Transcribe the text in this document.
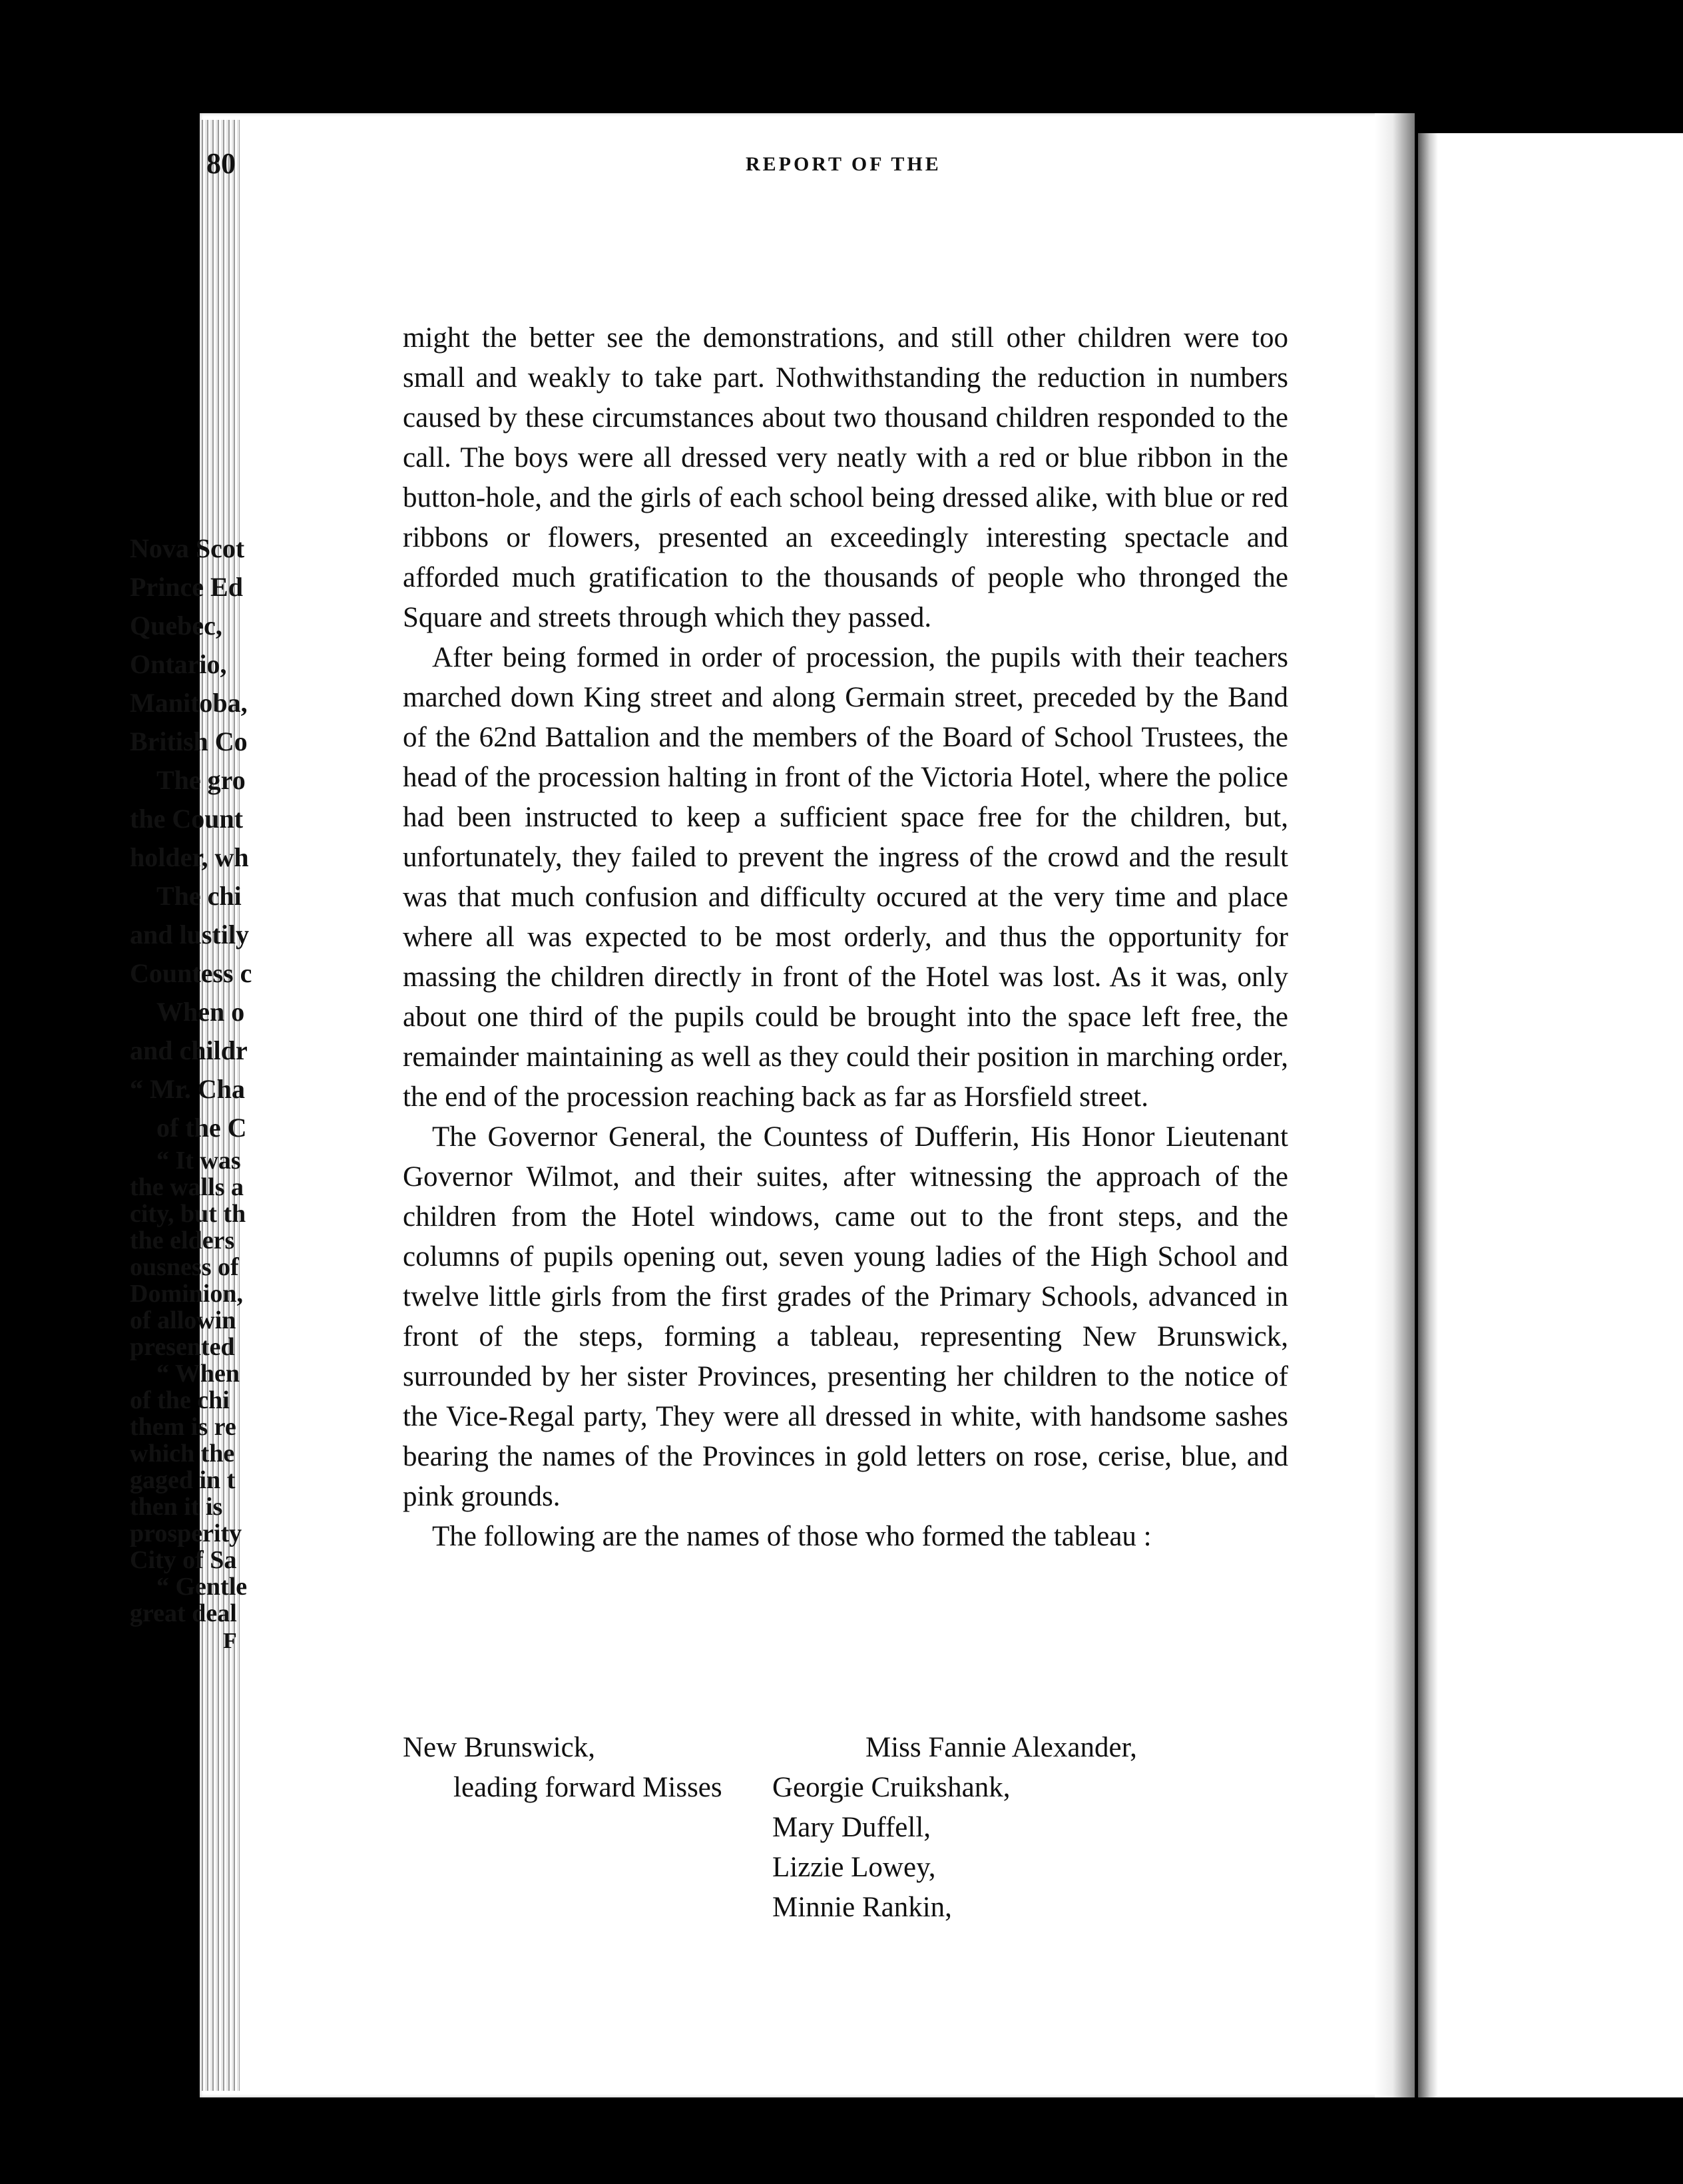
80	REPORT OF THE

might the better see the demonstrations, and still other children were too small and weakly to take part. Nothwithstanding the reduction in numbers caused by these circumstances about two thousand children responded to the call. The boys were all dressed very neatly with a red or blue ribbon in the button-hole, and the girls of each school being dressed alike, with blue or red ribbons or flowers, presented an exceedingly interesting spectacle and afforded much gratification to the thousands of people who thronged the Square and streets through which they passed.

After being formed in order of procession, the pupils with their teachers marched down King street and along Germain street, preceded by the Band of the 62nd Battalion and the members of the Board of School Trustees, the head of the procession halting in front of the Victoria Hotel, where the police had been instructed to keep a sufficient space free for the children, but, unfortunately, they failed to prevent the ingress of the crowd and the result was that much confusion and difficulty occured at the very time and place where all was expected to be most orderly, and thus the opportunity for massing the children directly in front of the Hotel was lost. As it was, only about one third of the pupils could be brought into the space left free, the remainder maintaining as well as they could their position in marching order, the end of the procession reaching back as far as Horsfield street.

The Governor General, the Countess of Dufferin, His Honor Lieutenant Governor Wilmot, and their suites, after witnessing the approach of the children from the Hotel windows, came out to the front steps, and the columns of pupils opening out, seven young ladies of the High School and twelve little girls from the first grades of the Primary Schools, advanced in front of the steps, forming a tableau, representing New Brunswick, surrounded by her sister Provinces, presenting her children to the notice of the Vice-Regal party, They were all dressed in white, with handsome sashes bearing the names of the Provinces in gold letters on rose, cerise, blue, and pink grounds.

The following are the names of those who formed the tableau :

New Brunswick,	Miss Fannie Alexander,
leading forward Misses Georgie Cruikshank,
Mary Duffell,
Lizzie Lowey,
Minnie Rankin,

Nova Scot

Prince Ed

Quebec,

Ontario,

Manitoba,

British Co

The gro

the Count

holder, wh

The chi

and lustily

Countess c

When o

and childr

“ Mr. Cha

of the C

“ It was

the walls a

city, but th

the elders

ousness of

Dominion,

of allowin

presented

“ When

of the chi

them is re

which the

gaged in t

then it is

prosperity

City of Sa

“ Gentle

great deal

F
